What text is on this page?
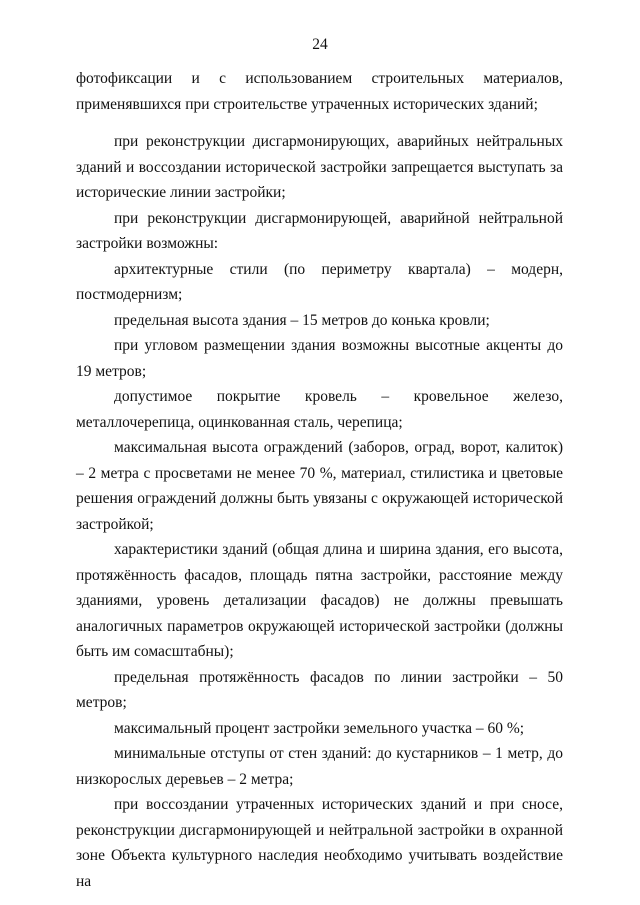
24

фотофиксации и с использованием строительных материалов, применявшихся при строительстве утраченных исторических зданий;

при реконструкции дисгармонирующих, аварийных нейтральных зданий и воссоздании исторической застройки запрещается выступать за исторические линии застройки;

при реконструкции дисгармонирующей, аварийной нейтральной застройки возможны:

архитектурные стили (по периметру квартала) – модерн, постмодернизм;

предельная высота здания – 15 метров до конька кровли;

при угловом размещении здания возможны высотные акценты до 19 метров;

допустимое покрытие кровель – кровельное железо, металлочерепица, оцинкованная сталь, черепица;

максимальная высота ограждений (заборов, оград, ворот, калиток) – 2 метра с просветами не менее 70 %, материал, стилистика и цветовые решения ограждений должны быть увязаны с окружающей исторической застройкой;

характеристики зданий (общая длина и ширина здания, его высота, протяжённость фасадов, площадь пятна застройки, расстояние между зданиями, уровень детализации фасадов) не должны превышать аналогичных параметров окружающей исторической застройки (должны быть им сомасштабны);

предельная протяжённость фасадов по линии застройки – 50 метров;

максимальный процент застройки земельного участка – 60 %;

минимальные отступы от стен зданий: до кустарников – 1 метр, до низкорослых деревьев – 2 метра;

при воссоздании утраченных исторических зданий и при сносе, реконструкции дисгармонирующей и нейтральной застройки в охранной зоне Объекта культурного наследия необходимо учитывать воздействие на
